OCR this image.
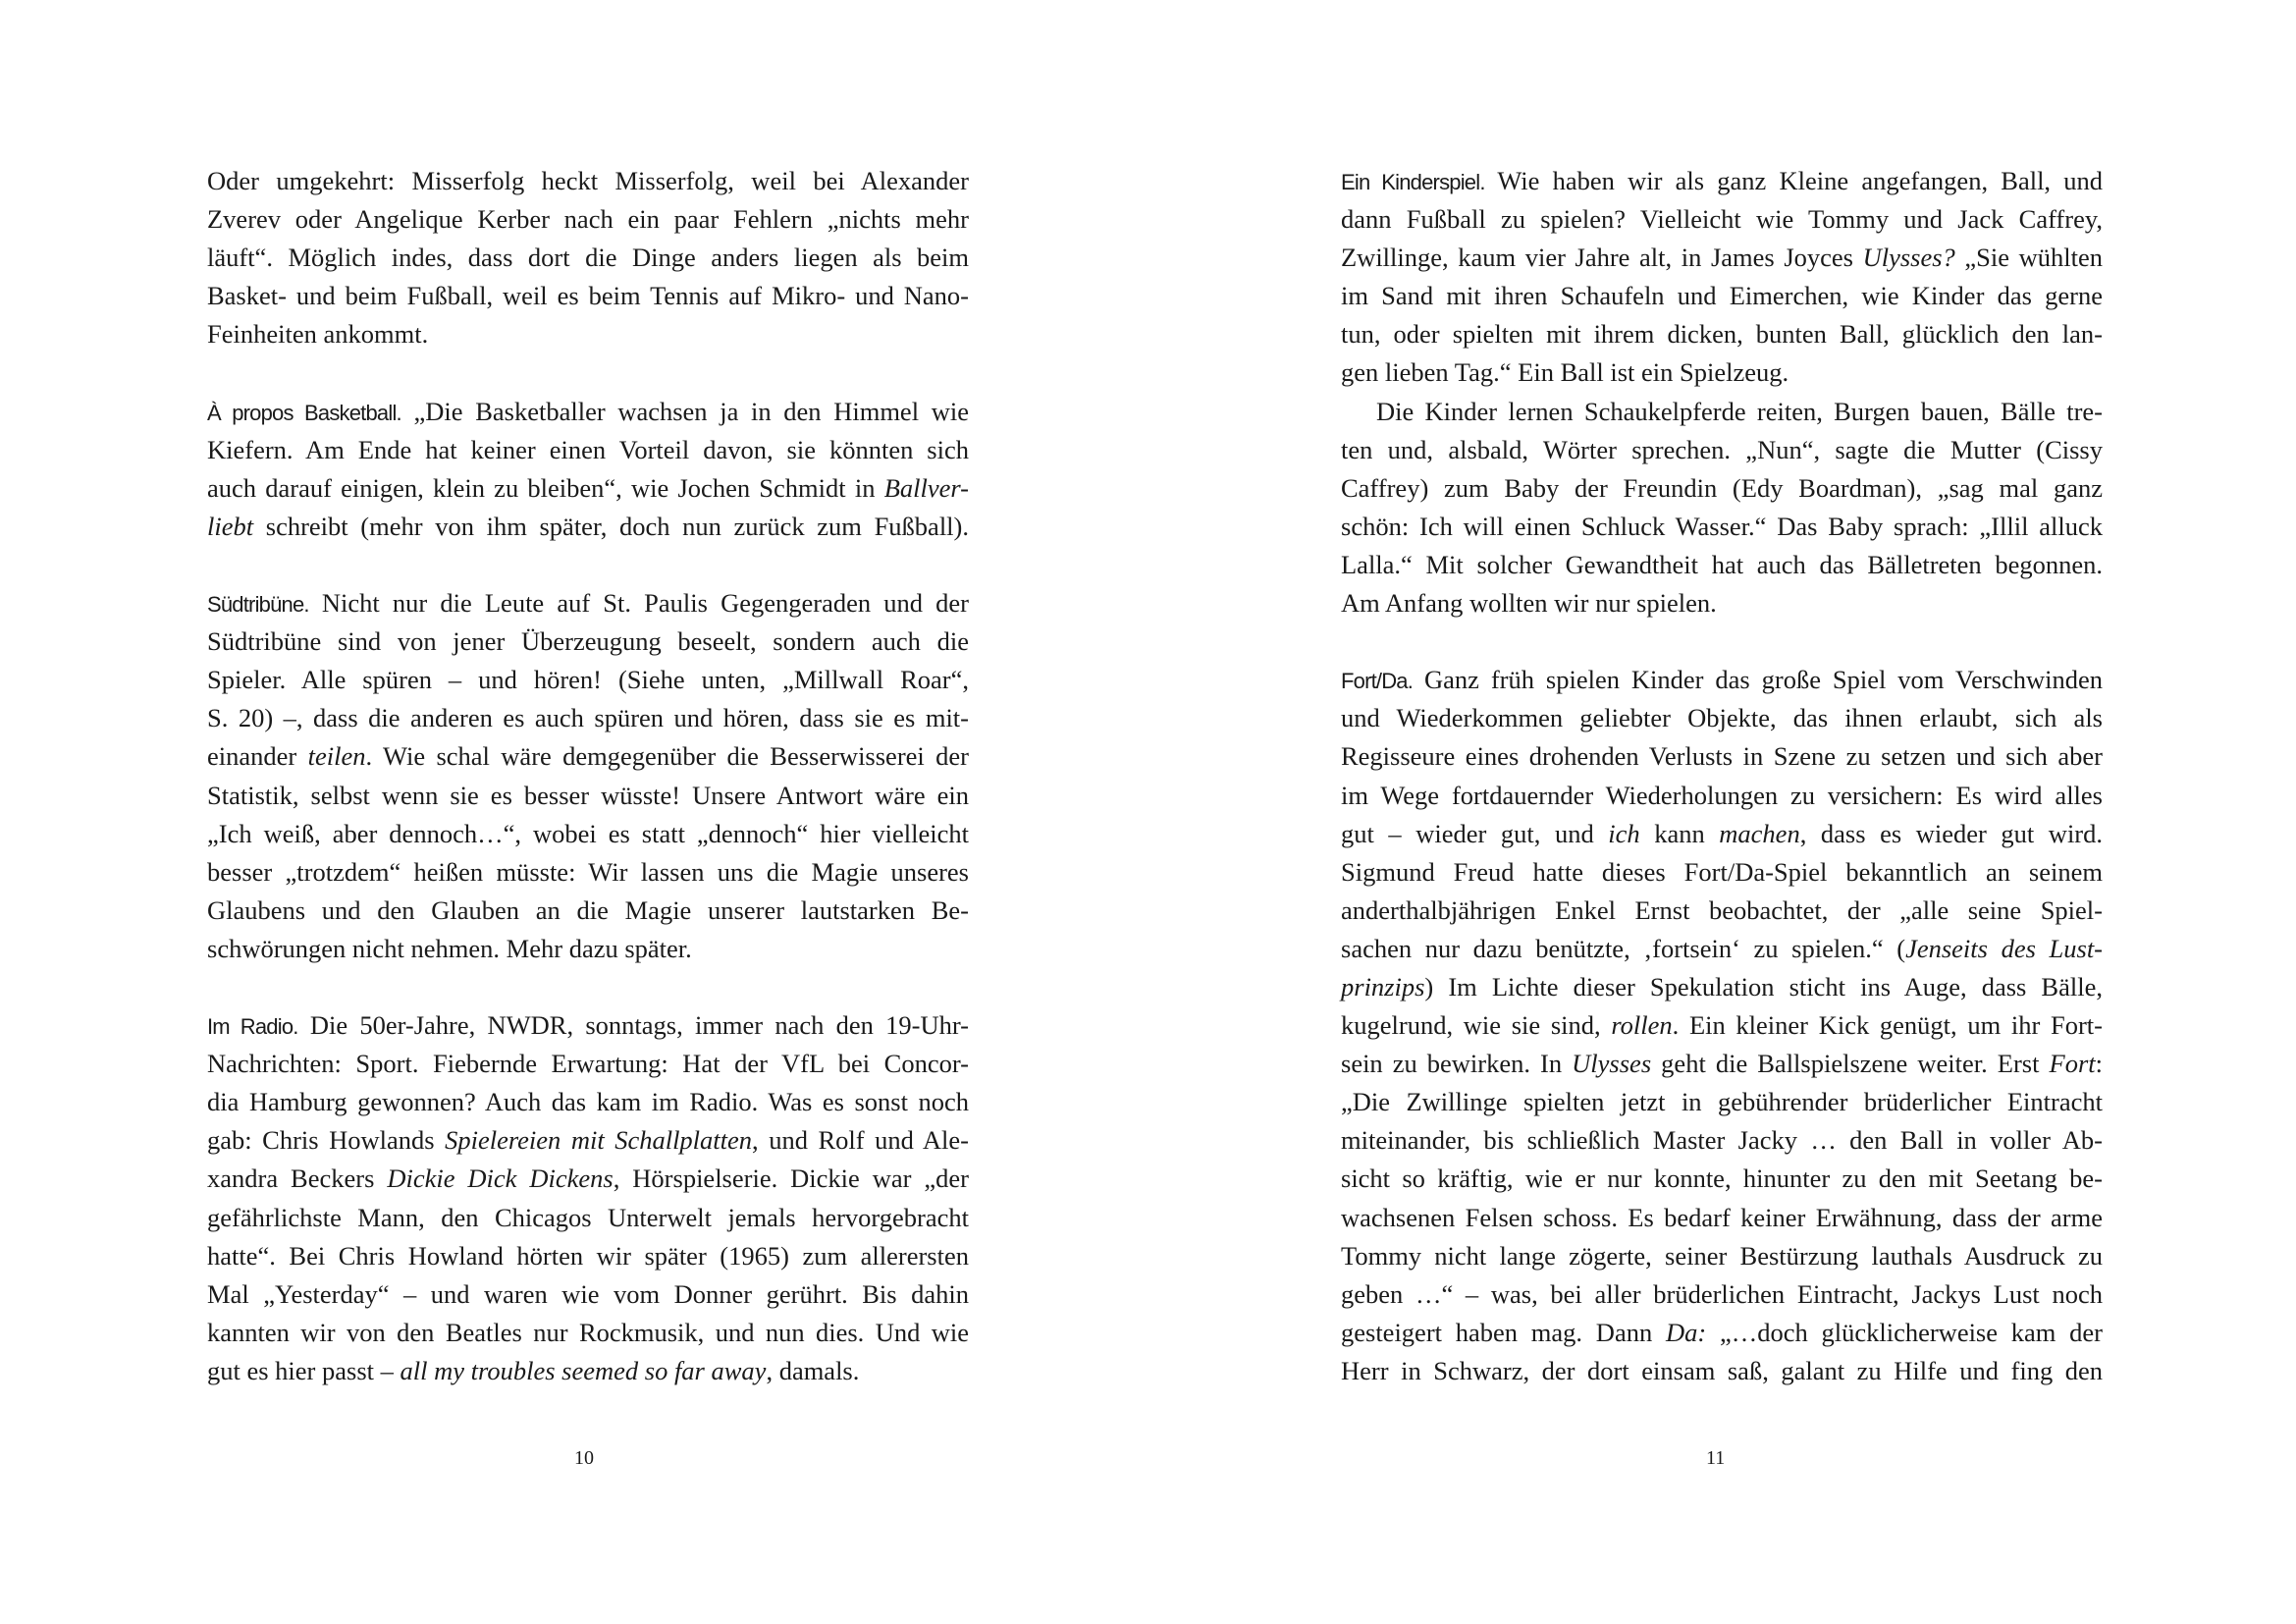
Oder umgekehrt: Misserfolg heckt Misserfolg, weil bei Alexander
Zverev oder Angelique Kerber nach ein paar Fehlern „nichts mehr
läuft“. Möglich indes, dass dort die Dinge anders liegen als beim
Basket- und beim Fußball, weil es beim Tennis auf Mikro- und Nano-
Feinheiten ankommt.
À propos Basketball. „Die Basketballer wachsen ja in den Himmel wie
Kiefern. Am Ende hat keiner einen Vorteil davon, sie könnten sich
auch darauf einigen, klein zu bleiben“, wie Jochen Schmidt in Ballver-
liebt schreibt (mehr von ihm später, doch nun zurück zum Fußball).
Südtribüne. Nicht nur die Leute auf St. Paulis Gegengeraden und der
Südtribüne sind von jener Überzeugung beseelt, sondern auch die
Spieler. Alle spüren – und hören! (Siehe unten, „Millwall Roar“,
S. 20) –, dass die anderen es auch spüren und hören, dass sie es mit-
einander teilen. Wie schal wäre demgegenüber die Besserwisserei der
Statistik, selbst wenn sie es besser wüsste! Unsere Antwort wäre ein
„Ich weiß, aber dennoch…“, wobei es statt „dennoch“ hier vielleicht
besser „trotzdem“ heißen müsste: Wir lassen uns die Magie unseres
Glaubens und den Glauben an die Magie unserer lautstarken Be-
schwörungen nicht nehmen. Mehr dazu später.
Im Radio. Die 50er-Jahre, NWDR, sonntags, immer nach den 19-Uhr-
Nachrichten: Sport. Fiebernde Erwartung: Hat der VfL bei Concor-
dia Hamburg gewonnen? Auch das kam im Radio. Was es sonst noch
gab: Chris Howlands Spielereien mit Schallplatten, und Rolf und Ale-
xandra Beckers Dickie Dick Dickens, Hörspielserie. Dickie war „der
gefährlichste Mann, den Chicagos Unterwelt jemals hervorgebracht
hatte“. Bei Chris Howland hörten wir später (1965) zum allerersten
Mal „Yesterday“ – und waren wie vom Donner gerührt. Bis dahin
kannten wir von den Beatles nur Rockmusik, und nun dies. Und wie
gut es hier passt – all my troubles seemed so far away, damals.
Ein Kinderspiel. Wie haben wir als ganz Kleine angefangen, Ball, und
dann Fußball zu spielen? Vielleicht wie Tommy und Jack Caffrey,
Zwillinge, kaum vier Jahre alt, in James Joyces Ulysses? „Sie wühlten
im Sand mit ihren Schaufeln und Eimerchen, wie Kinder das gerne
tun, oder spielten mit ihrem dicken, bunten Ball, glücklich den lan-
gen lieben Tag.“ Ein Ball ist ein Spielzeug.
Die Kinder lernen Schaukelpferde reiten, Burgen bauen, Bälle tre-
ten und, alsbald, Wörter sprechen. „Nun“, sagte die Mutter (Cissy
Caffrey) zum Baby der Freundin (Edy Boardman), „sag mal ganz
schön: Ich will einen Schluck Wasser.“ Das Baby sprach: „Illil alluck
Lalla.“ Mit solcher Gewandtheit hat auch das Bälletreten begonnen.
Am Anfang wollten wir nur spielen.
Fort/Da. Ganz früh spielen Kinder das große Spiel vom Verschwinden
und Wiederkommen geliebter Objekte, das ihnen erlaubt, sich als
Regisseure eines drohenden Verlusts in Szene zu setzen und sich aber
im Wege fortdauernder Wiederholungen zu versichern: Es wird alles
gut – wieder gut, und ich kann machen, dass es wieder gut wird.
Sigmund Freud hatte dieses Fort/Da-Spiel bekanntlich an seinem
anderthalbjährigen Enkel Ernst beobachtet, der „alle seine Spiel-
sachen nur dazu benützte, ‚fortsein‘ zu spielen.“ (Jenseits des Lust-
prinzips) Im Lichte dieser Spekulation sticht ins Auge, dass Bälle,
kugelrund, wie sie sind, rollen. Ein kleiner Kick genügt, um ihr Fort-
sein zu bewirken. In Ulysses geht die Ballspielszene weiter. Erst Fort:
„Die Zwillinge spielten jetzt in gebührender brüderlicher Eintracht
miteinander, bis schließlich Master Jacky … den Ball in voller Ab-
sicht so kräftig, wie er nur konnte, hinunter zu den mit Seetang be-
wachsenen Felsen schoss. Es bedarf keiner Erwähnung, dass der arme
Tommy nicht lange zögerte, seiner Bestürzung lauthals Ausdruck zu
geben …“ – was, bei aller brüderlichen Eintracht, Jackys Lust noch
gesteigert haben mag. Dann Da: „…doch glücklicherweise kam der
Herr in Schwarz, der dort einsam saß, galant zu Hilfe und fing den
10	11
